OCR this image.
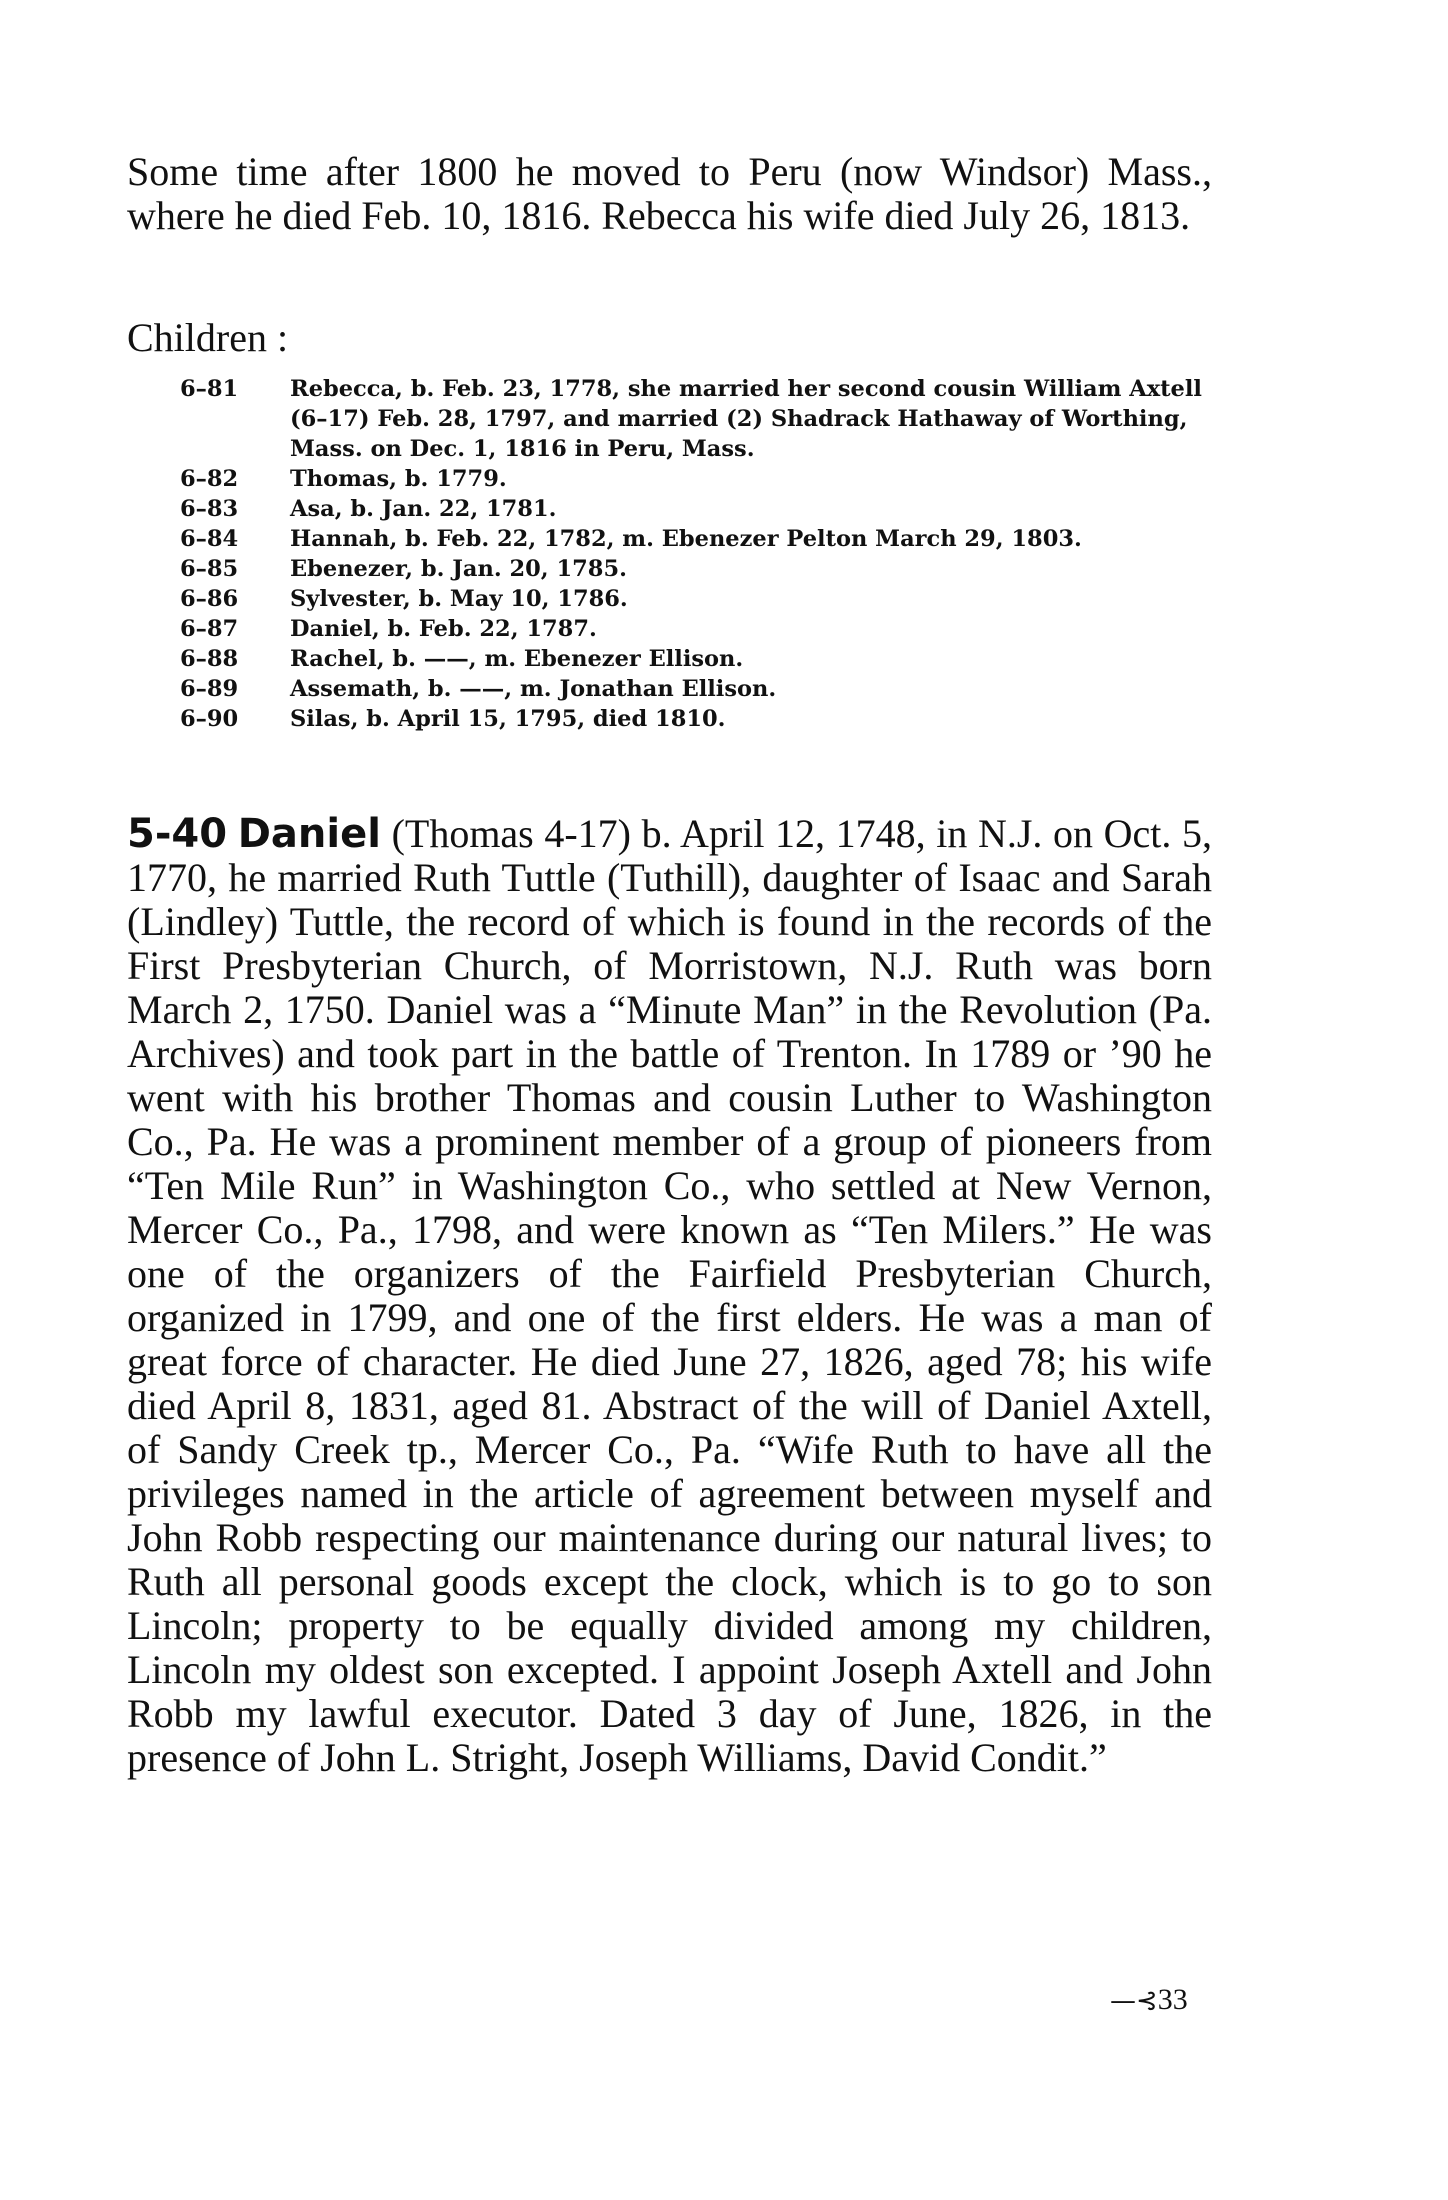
Some time after 1800 he moved to Peru (now Windsor) Mass., where he died Feb. 10, 1816. Rebecca his wife died July 26, 1813.

Children :
6–81	Rebecca, b. Feb. 23, 1778, she married her second cousin William Axtell (6–17) Feb. 28, 1797, and married (2) Shadrack Hathaway of Worthing, Mass. on Dec. 1, 1816 in Peru, Mass.
6–82	Thomas, b. 1779.
6–83	Asa, b. Jan. 22, 1781.
6–84	Hannah, b. Feb. 22, 1782, m. Ebenezer Pelton March 29, 1803.
6–85	Ebenezer, b. Jan. 20, 1785.
6–86	Sylvester, b. May 10, 1786.
6–87	Daniel, b. Feb. 22, 1787.
6–88	Rachel, b. ——, m. Ebenezer Ellison.
6–89	Assemath, b. ——, m. Jonathan Ellison.
6–90	Silas, b. April 15, 1795, died 1810.

5-40 Daniel (Thomas 4-17) b. April 12, 1748, in N.J. on Oct. 5, 1770, he married Ruth Tuttle (Tuthill), daughter of Isaac and Sarah (Lindley) Tuttle, the record of which is found in the records of the First Presbyterian Church, of Morristown, N.J. Ruth was born March 2, 1750. Daniel was a “Minute Man” in the Revolution (Pa. Archives) and took part in the battle of Trenton. In 1789 or ’90 he went with his brother Thomas and cousin Luther to Washington Co., Pa. He was a prominent member of a group of pioneers from “Ten Mile Run” in Washington Co., who settled at New Vernon, Mercer Co., Pa., 1798, and were known as “Ten Milers.” He was one of the organizers of the Fairfield Presbyterian Church, organized in 1799, and one of the first elders. He was a man of great force of character. He died June 27, 1826, aged 78; his wife died April 8, 1831, aged 81. Abstract of the will of Daniel Axtell, of Sandy Creek tp., Mercer Co., Pa. “Wife Ruth to have all the privileges named in the article of agreement between myself and John Robb respecting our maintenance during our natural lives; to Ruth all personal goods except the clock, which is to go to son Lincoln; property to be equally divided among my children, Lincoln my oldest son excepted. I appoint Joseph Axtell and John Robb my lawful executor. Dated 3 day of June, 1826, in the presence of John L. Stright, Joseph Williams, David Condit.”

—⊰33
